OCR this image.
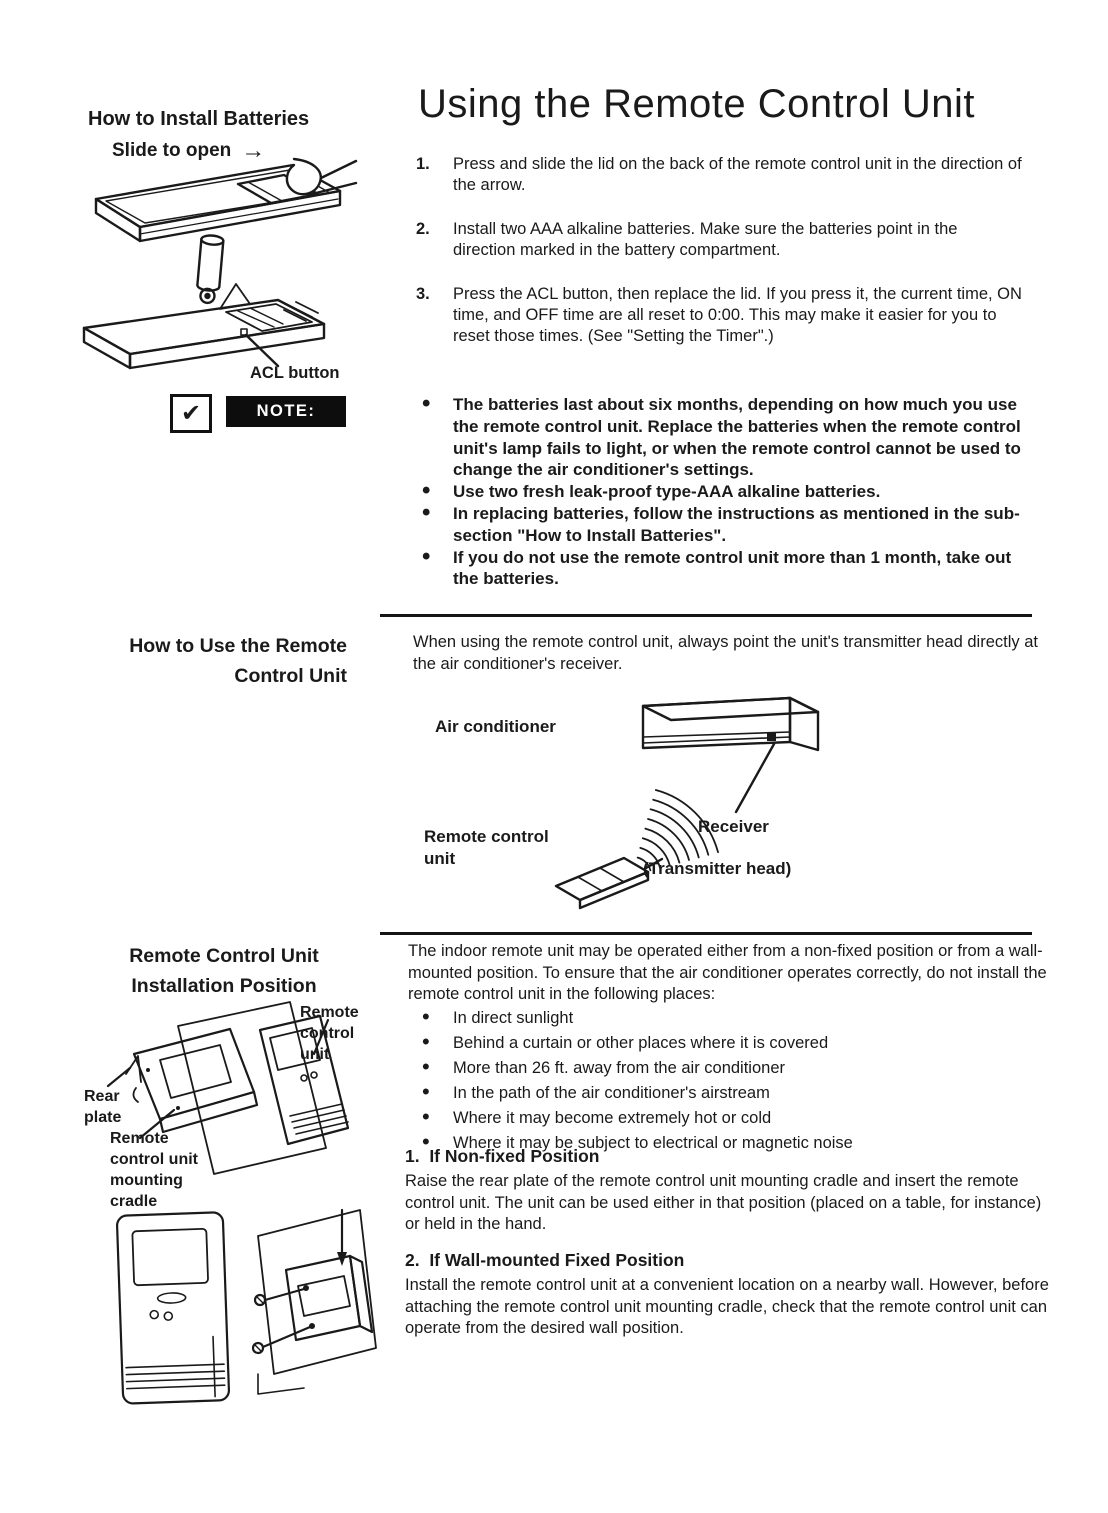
Using the Remote Control Unit
How to Install Batteries
Slide to open →
ACL button
✔	NOTE:
1.	Press and slide the lid on the back of the remote control unit in the direction of the arrow.
2.	Install two AAA alkaline batteries. Make sure the batteries point in the direction marked in the battery compartment.
3.	Press the ACL button, then replace the lid. If you press it, the current time, ON time, and OFF time are all reset to 0:00. This may make it easier for you to reset those times. (See "Setting the Timer".)
• The batteries last about six months, depending on how much you use the remote control unit. Replace the batteries when the remote control unit's lamp fails to light, or when the remote control cannot be used to change the air conditioner's settings.
• Use two fresh leak-proof type-AAA alkaline batteries.
• In replacing batteries, follow the instructions as mentioned in the sub-section "How to Install Batteries".
• If you do not use the remote control unit more than 1 month, take out the batteries.
How to Use the Remote
Control Unit
When using the remote control unit, always point the unit's transmitter head directly at the air conditioner's receiver.
Air conditioner
Receiver
Remote control
unit
(Transmitter head)
Remote Control Unit
Installation Position
The indoor remote unit may be operated either from a non-fixed position or from a wall-mounted position. To ensure that the air conditioner operates correctly, do not install the remote control unit in the following places:
• In direct sunlight
• Behind a curtain or other places where it is covered
• More than 26 ft. away from the air conditioner
• In the path of the air conditioner's airstream
• Where it may become extremely hot or cold
• Where it may be subject to electrical or magnetic noise
Remote
control
unit
Rear
plate
Remote
control unit
mounting
cradle
1.  If Non-fixed Position
Raise the rear plate of the remote control unit mounting cradle and insert the remote control unit. The unit can be used either in that position (placed on a table, for instance) or held in the hand.
2.  If Wall-mounted Fixed Position
Install the remote control unit at a convenient location on a nearby wall. However, before attaching the remote control unit mounting cradle, check that the remote control unit can operate from the desired wall position.
